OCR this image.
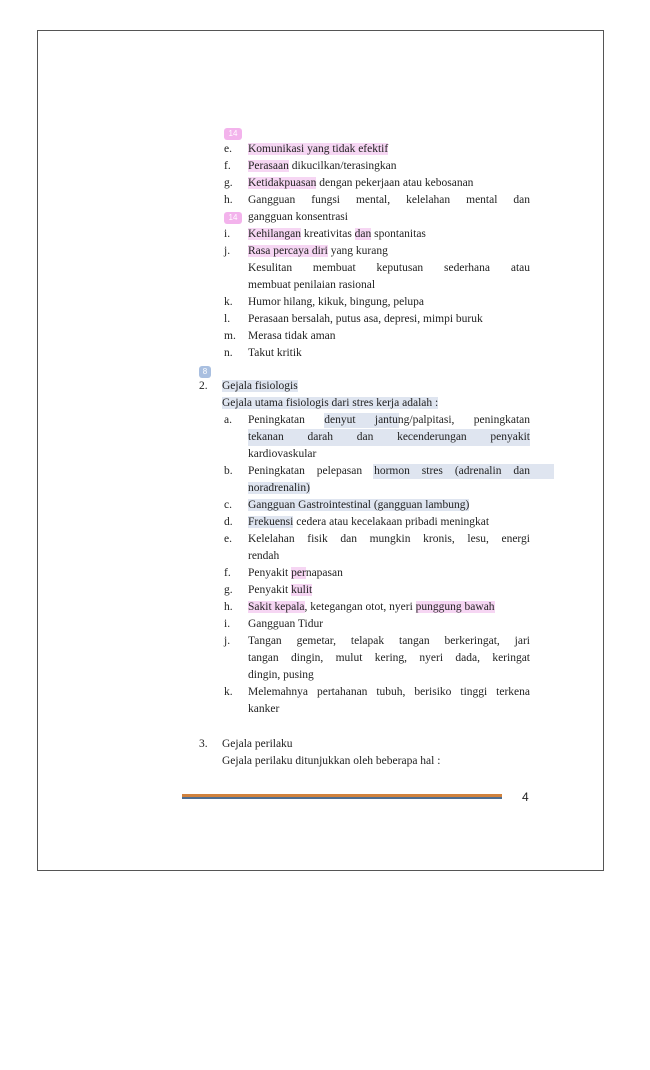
14
14
8
e. Komunikasi yang tidak efektif
f. Perasaan dikucilkan/terasingkan
g. Ketidakpuasan dengan pekerjaan atau kebosanan
h. Gangguan fungsi mental, kelelahan mental dan
gangguan konsentrasi
i. Kehilangan kreativitas dan spontanitas
j. Rasa percaya diri yang kurang
Kesulitan membuat keputusan sederhana atau
membuat penilaian rasional
k. Humor hilang, kikuk, bingung, pelupa
l. Perasaan bersalah, putus asa, depresi, mimpi buruk
m. Merasa tidak aman
n. Takut kritik
2. Gejala fisiologis
Gejala utama fisiologis dari stres kerja adalah :
a. Peningkatan denyut jantung/palpitasi, peningkatan
tekanan darah dan kecenderungan penyakit
kardiovaskular
b. Peningkatan pelepasan hormon stres (adrenalin dan
noradrenalin)
c. Gangguan Gastrointestinal (gangguan lambung)
d. Frekuensi cedera atau kecelakaan pribadi meningkat
e. Kelelahan fisik dan mungkin kronis, lesu, energi
rendah
f. Penyakit pernapasan
g. Penyakit kulit
h. Sakit kepala, ketegangan otot, nyeri punggung bawah
i. Gangguan Tidur
j. Tangan gemetar, telapak tangan berkeringat, jari
tangan dingin, mulut kering, nyeri dada, keringat
dingin, pusing
k. Melemahnya pertahanan tubuh, berisiko tinggi terkena
kanker
3. Gejala perilaku
Gejala perilaku ditunjukkan oleh beberapa hal :
4
